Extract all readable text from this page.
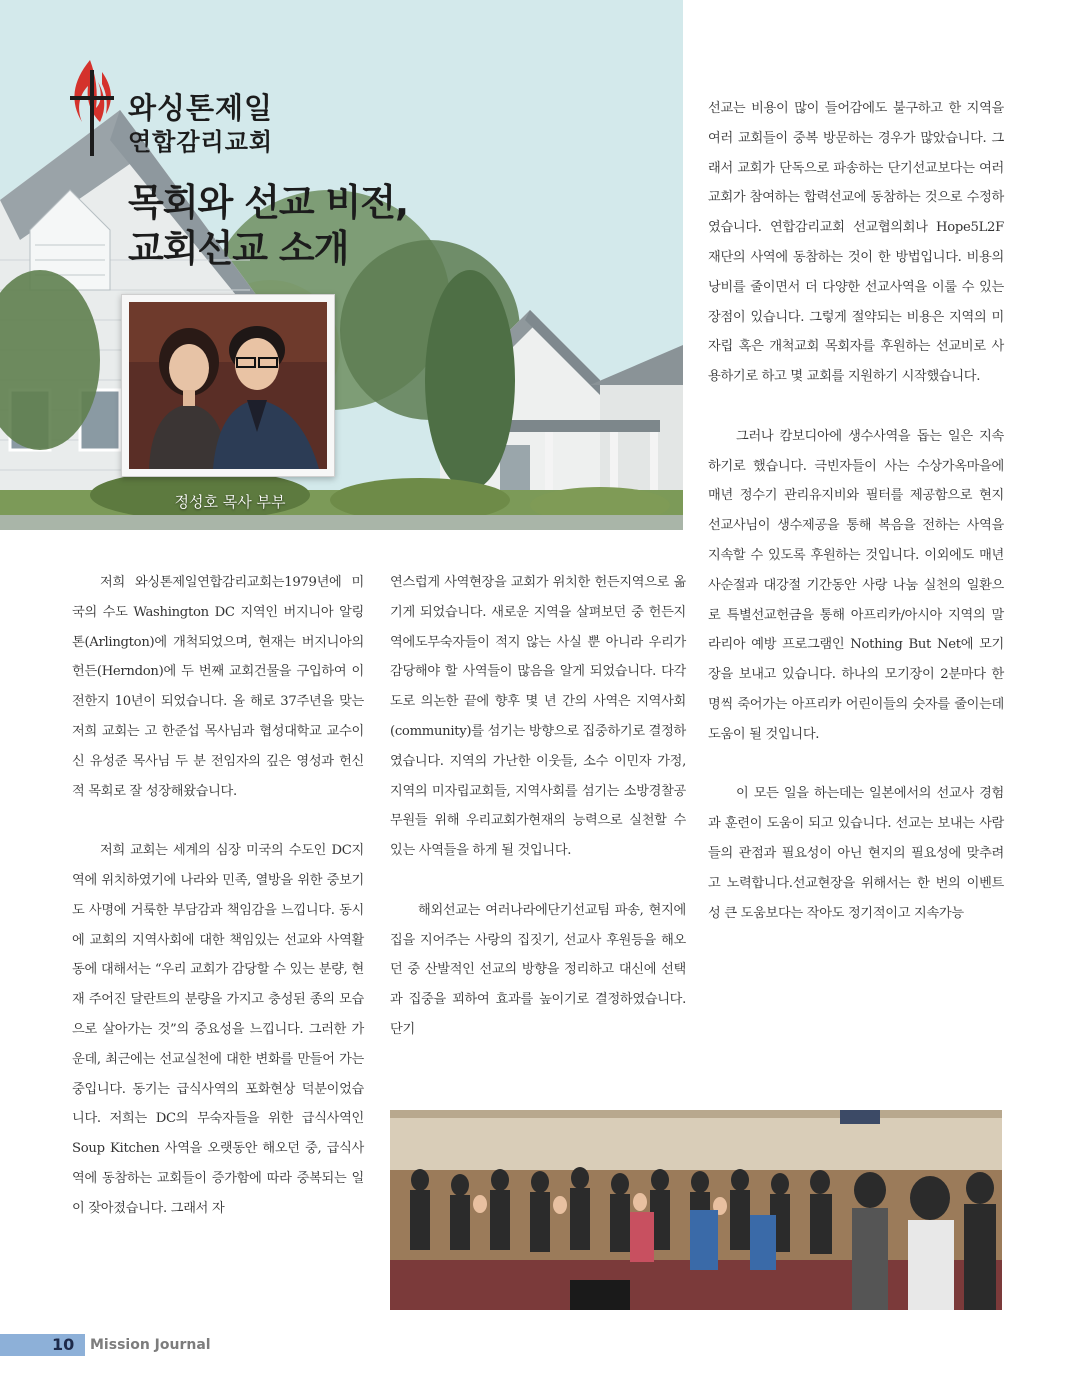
와싱톤제일
연합감리교회
목회와 선교 비전,
교회선교 소개
정성호 목사 부부

선교는 비용이 많이 들어감에도 불구하고 한 지역을 여러 교회들이 중복 방문하는 경우가 많았습니다. 그래서 교회가 단독으로 파송하는 단기선교보다는 여러교회가 참여하는 합력선교에 동참하는 것으로 수정하였습니다. 연합감리교회 선교협의회나 Hope5L2F 재단의 사역에 동참하는 것이 한 방법입니다. 비용의 낭비를 줄이면서 더 다양한 선교사역을 이룰 수 있는 장점이 있습니다. 그렇게 절약되는 비용은 지역의 미자립 혹은 개척교회 목회자를 후원하는 선교비로 사용하기로 하고 몇 교회를 지원하기 시작했습니다.

그러나 캄보디아에 생수사역을 돕는 일은 지속하기로 했습니다. 극빈자들이 사는 수상가옥마을에 매년 정수기 관리유지비와 필터를 제공함으로 현지 선교사님이 생수제공을 통해 복음을 전하는 사역을 지속할 수 있도록 후원하는 것입니다. 이외에도 매년 사순절과 대강절 기간동안 사랑 나눔 실천의 일환으로 특별선교헌금을 통해 아프리카/아시아 지역의 말라리아 예방 프로그램인 Nothing But Net에 모기장을 보내고 있습니다. 하나의 모기장이 2분마다 한 명씩 죽어가는 아프리카 어린이들의 숫자를 줄이는데 도움이 될 것입니다.

이 모든 일을 하는데는 일본에서의 선교사 경험과 훈련이 도움이 되고 있습니다. 선교는 보내는 사람들의 관점과 필요성이 아닌 현지의 필요성에 맞추려고 노력합니다.선교현장을 위해서는 한 번의 이벤트성 큰 도움보다는 작아도 정기적이고 지속가능

저희 와싱톤제일연합감리교회는1979년에 미국의 수도 Washington DC 지역인 버지니아 알링톤(Arlington)에 개척되었으며, 현재는 버지니아의 헌든(Herndon)에 두 번째 교회건물을 구입하여 이전한지 10년이 되었습니다. 올 해로 37주년을 맞는 저희 교회는 고 한준섭 목사님과 협성대학교 교수이신 유성준 목사님 두 분 전임자의 깊은 영성과 헌신적 목회로 잘 성장해왔습니다.

저희 교회는 세계의 심장 미국의 수도인 DC지역에 위치하였기에 나라와 민족, 열방을 위한 중보기도 사명에 거룩한 부담감과 책임감을 느낍니다. 동시에 교회의 지역사회에 대한 책임있는 선교와 사역활동에 대해서는 “우리 교회가 감당할 수 있는 분량, 현재 주어진 달란트의 분량을 가지고 충성된 종의 모습으로 살아가는 것”의 중요성을 느낍니다. 그러한 가운데, 최근에는 선교실천에 대한 변화를 만들어 가는 중입니다. 동기는 급식사역의 포화현상 덕분이었습니다. 저희는 DC의 무숙자들을 위한 급식사역인 Soup Kitchen 사역을 오랫동안 해오던 중, 급식사역에 동참하는 교회들이 증가함에 따라 중복되는 일이 잦아졌습니다. 그래서 자

연스럽게 사역현장을 교회가 위치한 헌든지역으로 옮기게 되었습니다. 새로운 지역을 살펴보던 중 헌든지역에도무숙자들이 적지 않는 사실 뿐 아니라 우리가 감당해야 할 사역들이 많음을 알게 되었습니다. 다각도로 의논한 끝에 향후 몇 년 간의 사역은 지역사회(community)를 섬기는 방향으로 집중하기로 결정하였습니다. 지역의 가난한 이웃들, 소수 이민자 가정, 지역의 미자립교회들, 지역사회를 섬기는 소방경찰공무원들 위해 우리교회가현재의 능력으로 실천할 수 있는 사역들을 하게 될 것입니다.

해외선교는 여러나라에단기선교팀 파송, 현지에 집을 지어주는 사랑의 집짓기, 선교사 후원등을 해오던 중 산발적인 선교의 방향을 정리하고 대신에 선택과 집중을 꾀하여 효과를 높이기로 결정하였습니다. 단기

10 Mission Journal
